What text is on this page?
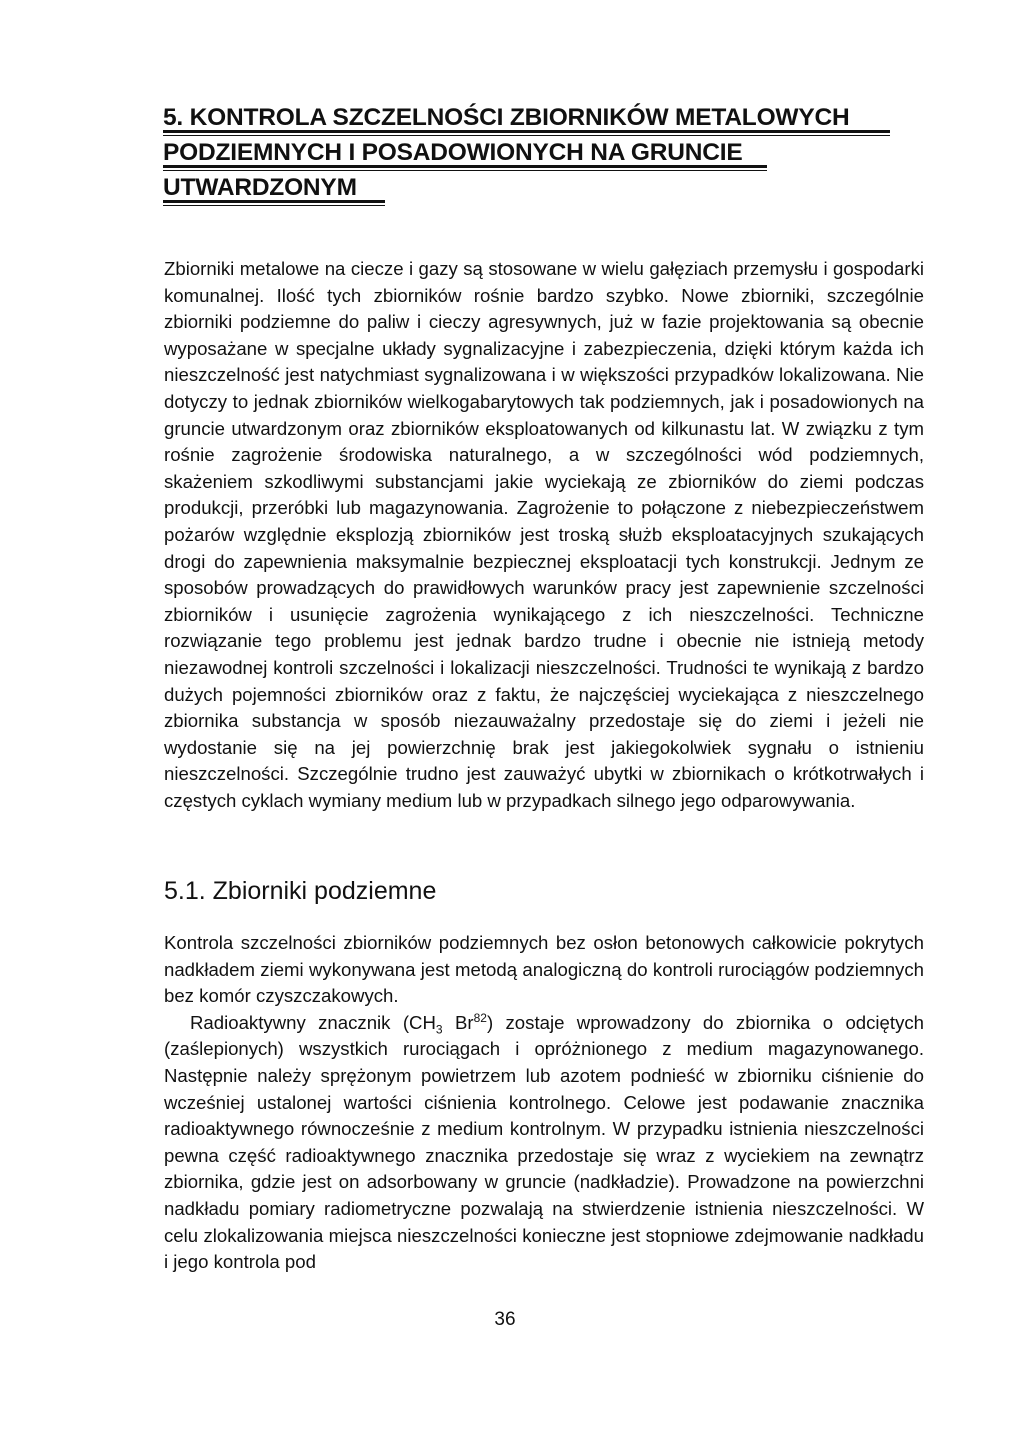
5. KONTROLA SZCZELNOŚCI ZBIORNIKÓW METALOWYCH
PODZIEMNYCH I POSADOWIONYCH NA GRUNCIE
UTWARDZONYM

Zbiorniki metalowe na ciecze i gazy są stosowane w wielu gałęziach przemysłu i gospodarki komunalnej. Ilość tych zbiorników rośnie bardzo szybko. Nowe zbiorniki, szczególnie zbiorniki podziemne do paliw i cieczy agresywnych, już w fazie projektowania są obecnie wyposażane w specjalne układy sygnalizacyjne i zabezpieczenia, dzięki którym każda ich nieszczelność jest natychmiast sygnalizowana i w większości przypadków lokalizowana. Nie dotyczy to jednak zbiorników wielkogabarytowych tak podziemnych, jak i posadowionych na gruncie utwardzonym oraz zbiorników eksploatowanych od kilkunastu lat. W związku z tym rośnie zagrożenie środowiska naturalnego, a w szczególności wód podziemnych, skażeniem szkodliwymi substancjami jakie wyciekają ze zbiorników do ziemi podczas produkcji, przeróbki lub magazynowania. Zagrożenie to połączone z niebezpieczeństwem pożarów względnie eksplozją zbiorników jest troską służb eksploatacyjnych szukających drogi do zapewnienia maksymalnie bezpiecznej eksploatacji tych konstrukcji. Jednym ze sposobów prowadzących do prawidłowych warunków pracy jest zapewnienie szczelności zbiorników i usunięcie zagrożenia wynikającego z ich nieszczelności. Techniczne rozwiązanie tego problemu jest jednak bardzo trudne i obecnie nie istnieją metody niezawodnej kontroli szczelności i lokalizacji nieszczelności. Trudności te wynikają z bardzo dużych pojemności zbiorników oraz z faktu, że najczęściej wyciekająca z nieszczelnego zbiornika substancja w sposób niezauważalny przedostaje się do ziemi i jeżeli nie wydostanie się na jej powierzchnię brak jest jakiegokolwiek sygnału o istnieniu nieszczelności. Szczególnie trudno jest zauważyć ubytki w zbiornikach o krótkotrwałych i częstych cyklach wymiany medium lub w przypadkach silnego jego odparowywania.

5.1. Zbiorniki podziemne

Kontrola szczelności zbiorników podziemnych bez osłon betonowych całkowicie pokrytych nadkładem ziemi wykonywana jest metodą analogiczną do kontroli rurociągów podziemnych bez komór czyszczakowych.

Radioaktywny znacznik ($CH_3$ Br$^{82}$) zostaje wprowadzony do zbiornika o odciętych (zaślepionych) wszystkich rurociągach i opróżnionego z medium magazynowanego. Następnie należy sprężonym powietrzem lub azotem podnieść w zbiorniku ciśnienie do wcześniej ustalonej wartości ciśnienia kontrolnego. Celowe jest podawanie znacznika radioaktywnego równocześnie z medium kontrolnym. W przypadku istnienia nieszczelności pewna część radioaktywnego znacznika przedostaje się wraz z wyciekiem na zewnątrz zbiornika, gdzie jest on adsorbowany w gruncie (nadkładzie). Prowadzone na powierzchni nadkładu pomiary radiometryczne pozwalają na stwierdzenie istnienia nieszczelności. W celu zlokalizowania miejsca nieszczelności konieczne jest stopniowe zdejmowanie nadkładu i jego kontrola pod

36
